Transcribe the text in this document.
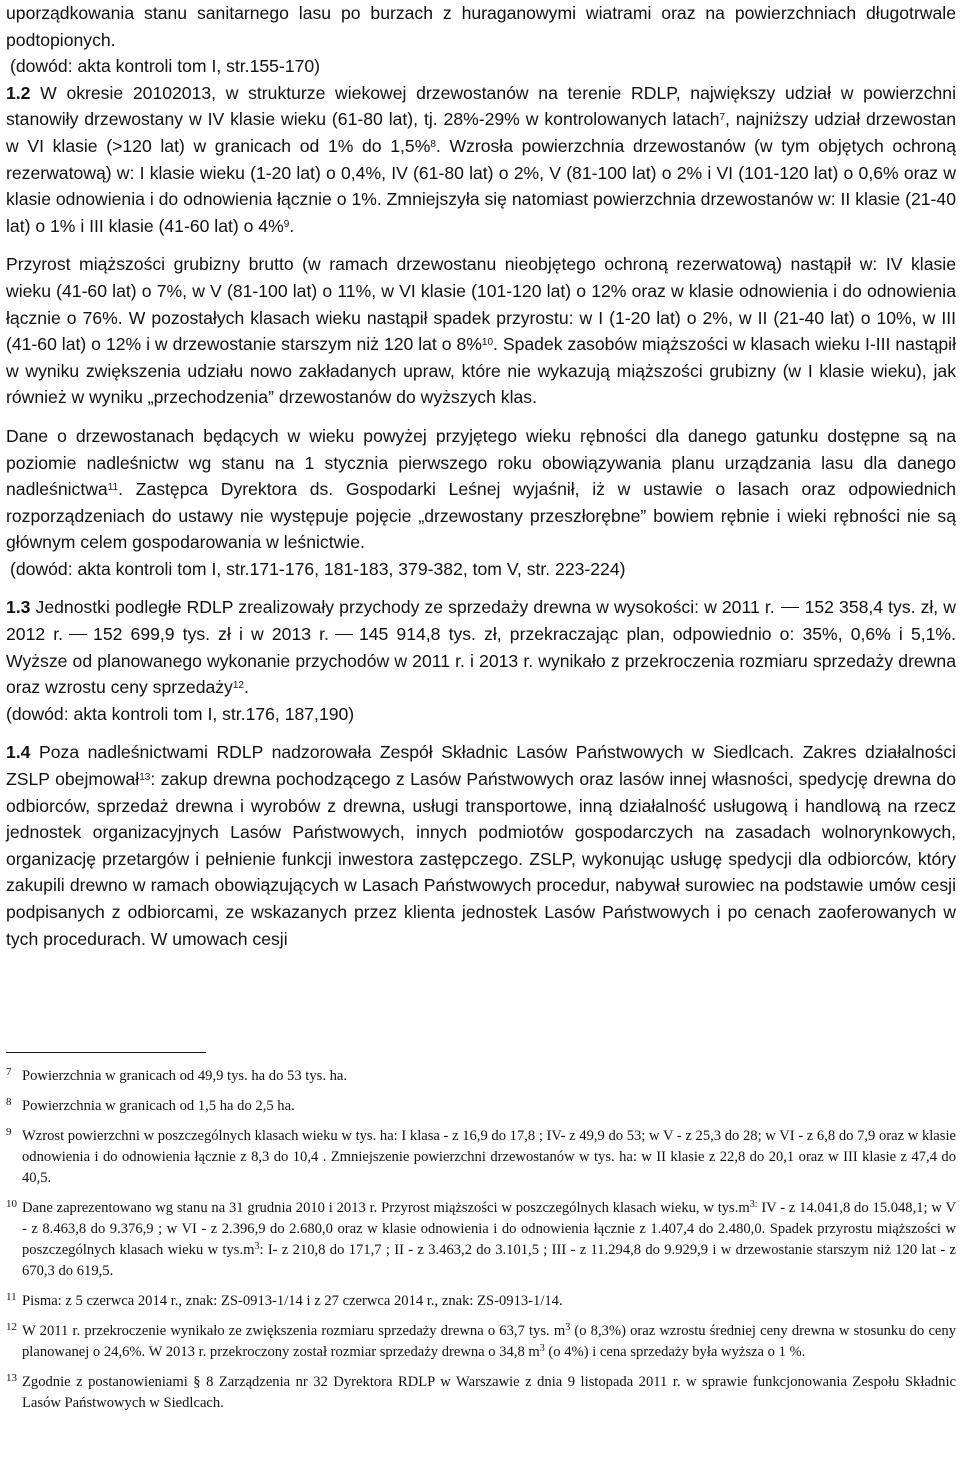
uporządkowania stanu sanitarnego lasu po burzach z huraganowymi wiatrami oraz na powierzchniach długotrwale podtopionych.

(dowód: akta kontroli tom I, str.155-170)

1.2 W okresie 20102013, w strukturze wiekowej drzewostanów na terenie RDLP, największy udział w powierzchni stanowiły drzewostany w IV klasie wieku (61-80 lat), tj. 28%-29% w kontrolowanych latach$^7$, najniższy udział drzewostan w VI klasie (>120 lat) w granicach od 1% do 1,5%$^8$. Wzrosła powierzchnia drzewostanów (w tym objętych ochroną rezerwatową) w: I klasie wieku (1-20 lat) o 0,4%, IV (61-80 lat) o 2%, V (81-100 lat) o 2% i VI (101-120 lat) o 0,6% oraz w klasie odnowienia i do odnowienia łącznie o 1%. Zmniejszyła się natomiast powierzchnia drzewostanów w: II klasie (21-40 lat) o 1% i III klasie (41-60 lat) o 4%$^9$.

Przyrost miąższości grubizny brutto (w ramach drzewostanu nieobjętego ochroną rezerwatową) nastąpił w: IV klasie wieku (41-60 lat) o 7%, w V (81-100 lat) o 11%, w VI klasie (101-120 lat) o 12% oraz w klasie odnowienia i do odnowienia łącznie o 76%. W pozostałych klasach wieku nastąpił spadek przyrostu: w I (1-20 lat) o 2%, w II (21-40 lat) o 10%, w III (41-60 lat) o 12% i w drzewostanie starszym niż 120 lat o 8%$^{10}$. Spadek zasobów miąższości w klasach wieku I-III nastąpił w wyniku zwiększenia udziału nowo zakładanych upraw, które nie wykazują miąższości grubizny (w I klasie wieku), jak również w wyniku „przechodzenia” drzewostanów do wyższych klas.

Dane o drzewostanach będących w wieku powyżej przyjętego wieku rębności dla danego gatunku dostępne są na poziomie nadleśnictw wg stanu na 1 stycznia pierwszego roku obowiązywania planu urządzania lasu dla danego nadleśnictwa$^{11}$. Zastępca Dyrektora ds. Gospodarki Leśnej wyjaśnił, iż w ustawie o lasach oraz odpowiednich rozporządzeniach do ustawy nie występuje pojęcie „drzewostany przeszłorębne” bowiem rębnie i wieki rębności nie są głównym celem gospodarowania w leśnictwie.

(dowód: akta kontroli tom I, str.171-176, 181-183, 379-382, tom V, str. 223-224)

1.3 Jednostki podległe RDLP zrealizowały przychody ze sprzedaży drewna w wysokości: w 2011 r. 152 358,4 tys. zł, w 2012 r. 152 699,9 tys. zł i w 2013 r. 145 914,8 tys. zł, przekraczając plan, odpowiednio o: 35%, 0,6% i 5,1%. Wyższe od planowanego wykonanie przychodów w 2011 r. i 2013 r. wynikało z przekroczenia rozmiaru sprzedaży drewna oraz wzrostu ceny sprzedaży$^{12}$.

(dowód: akta kontroli tom I, str.176, 187,190)

1.4 Poza nadleśnictwami RDLP nadzorowała Zespół Składnic Lasów Państwowych w Siedlcach. Zakres działalności ZSLP obejmował$^{13}$: zakup drewna pochodzącego z Lasów Państwowych oraz lasów innej własności, spedycję drewna do odbiorców, sprzedaż drewna i wyrobów z drewna, usługi transportowe, inną działalność usługową i handlową na rzecz jednostek organizacyjnych Lasów Państwowych, innych podmiotów gospodarczych na zasadach wolnorynkowych, organizację przetargów i pełnienie funkcji inwestora zastępczego. ZSLP, wykonując usługę spedycji dla odbiorców, który zakupili drewno w ramach obowiązujących w Lasach Państwowych procedur, nabywał surowiec na podstawie umów cesji podpisanych z odbiorcami, ze wskazanych przez klienta jednostek Lasów Państwowych i po cenach zaoferowanych w tych procedurach. W umowach cesji

7 Powierzchnia w granicach od 49,9 tys. ha do 53 tys. ha.
8 Powierzchnia w granicach od 1,5 ha do 2,5 ha.
9 Wzrost powierzchni w poszczególnych klasach wieku w tys. ha: I klasa - z 16,9 do 17,8 ; IV- z 49,9 do 53; w V - z 25,3 do 28; w VI - z 6,8 do 7,9 oraz w klasie odnowienia i do odnowienia łącznie z 8,3 do 10,4 . Zmniejszenie powierzchni drzewostanów w tys. ha: w II klasie z 22,8 do 20,1 oraz w III klasie z 47,4 do 40,5.
10 Dane zaprezentowano wg stanu na 31 grudnia 2010 i 2013 r. Przyrost miąższości w poszczególnych klasach wieku, w $tys.m^{3:}$ IV - z 14.041,8 do 15.048,1; w V - z 8.463,8 do 9.376,9 ; w VI - z 2.396,9 do 2.680,0 oraz w klasie odnowienia i do odnowienia łącznie z 1.407,4 do 2.480,0. Spadek przyrostu miąższości w poszczególnych klasach wieku w $tys.m^3$: I- z 210,8 do 171,7 ; II - z 3.463,2 do 3.101,5 ; III - z 11.294,8 do 9.929,9 i w drzewostanie starszym niż 120 lat - z 670,3 do 619,5.
11 Pisma: z 5 czerwca 2014 r., znak: ZS-0913-1/14 i z 27 czerwca 2014 r., znak: ZS-0913-1/14.
12 W 2011 r. przekroczenie wynikało ze zwiększenia rozmiaru sprzedaży drewna o 63,7 tys. $m^3$ (o 8,3%) oraz wzrostu średniej ceny drewna w stosunku do ceny planowanej o 24,6%. W 2013 r. przekroczony został rozmiar sprzedaży drewna o 34,8 $m^3$ (o 4%) i cena sprzedaży była wyższa o 1 %.
13 Zgodnie z postanowieniami § 8 Zarządzenia nr 32 Dyrektora RDLP w Warszawie z dnia 9 listopada 2011 r. w sprawie funkcjonowania Zespołu Składnic Lasów Państwowych w Siedlcach.
